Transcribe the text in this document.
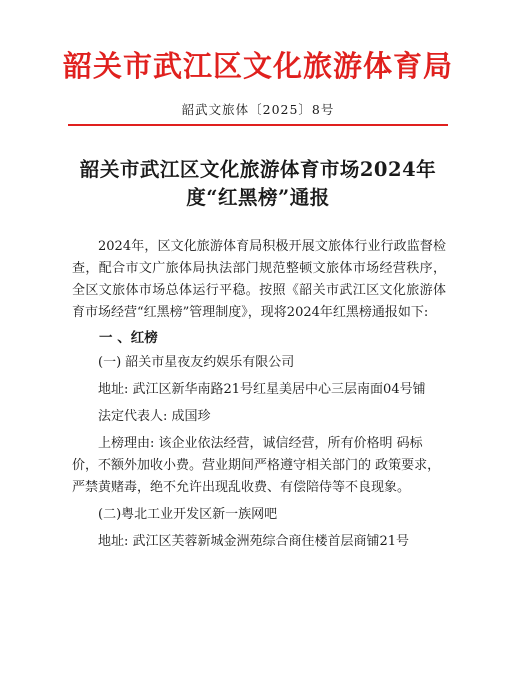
韶关市武江区文化旅游体育局
韶武文旅体〔2025〕8号
韶关市武江区文化旅游体育市场2024年度“红黑榜”通报

2024年，区文化旅游体育局积极开展文旅体行业行政监督检查，配合市文广旅体局执法部门规范整顿文旅体市场经营秩序，全区文旅体市场总体运行平稳。按照《韶关市武江区文化旅游体育市场经营“红黑榜”管理制度》，现将2024年红黑榜通报如下:

一 、红榜

(一) 韶关市星夜友约娱乐有限公司

地址: 武江区新华南路21号红星美居中心三层南面04号铺

法定代表人: 成国珍

上榜理由: 该企业依法经营，诚信经营，所有价格明 码标价，不额外加收小费。营业期间严格遵守相关部门的 政策要求，严禁黄赌毒，绝不允许出现乱收费、有偿陪侍等不良现象。

(二)粤北工业开发区新一族网吧

地址: 武江区芙蓉新城金洲苑综合商住楼首层商铺21号
